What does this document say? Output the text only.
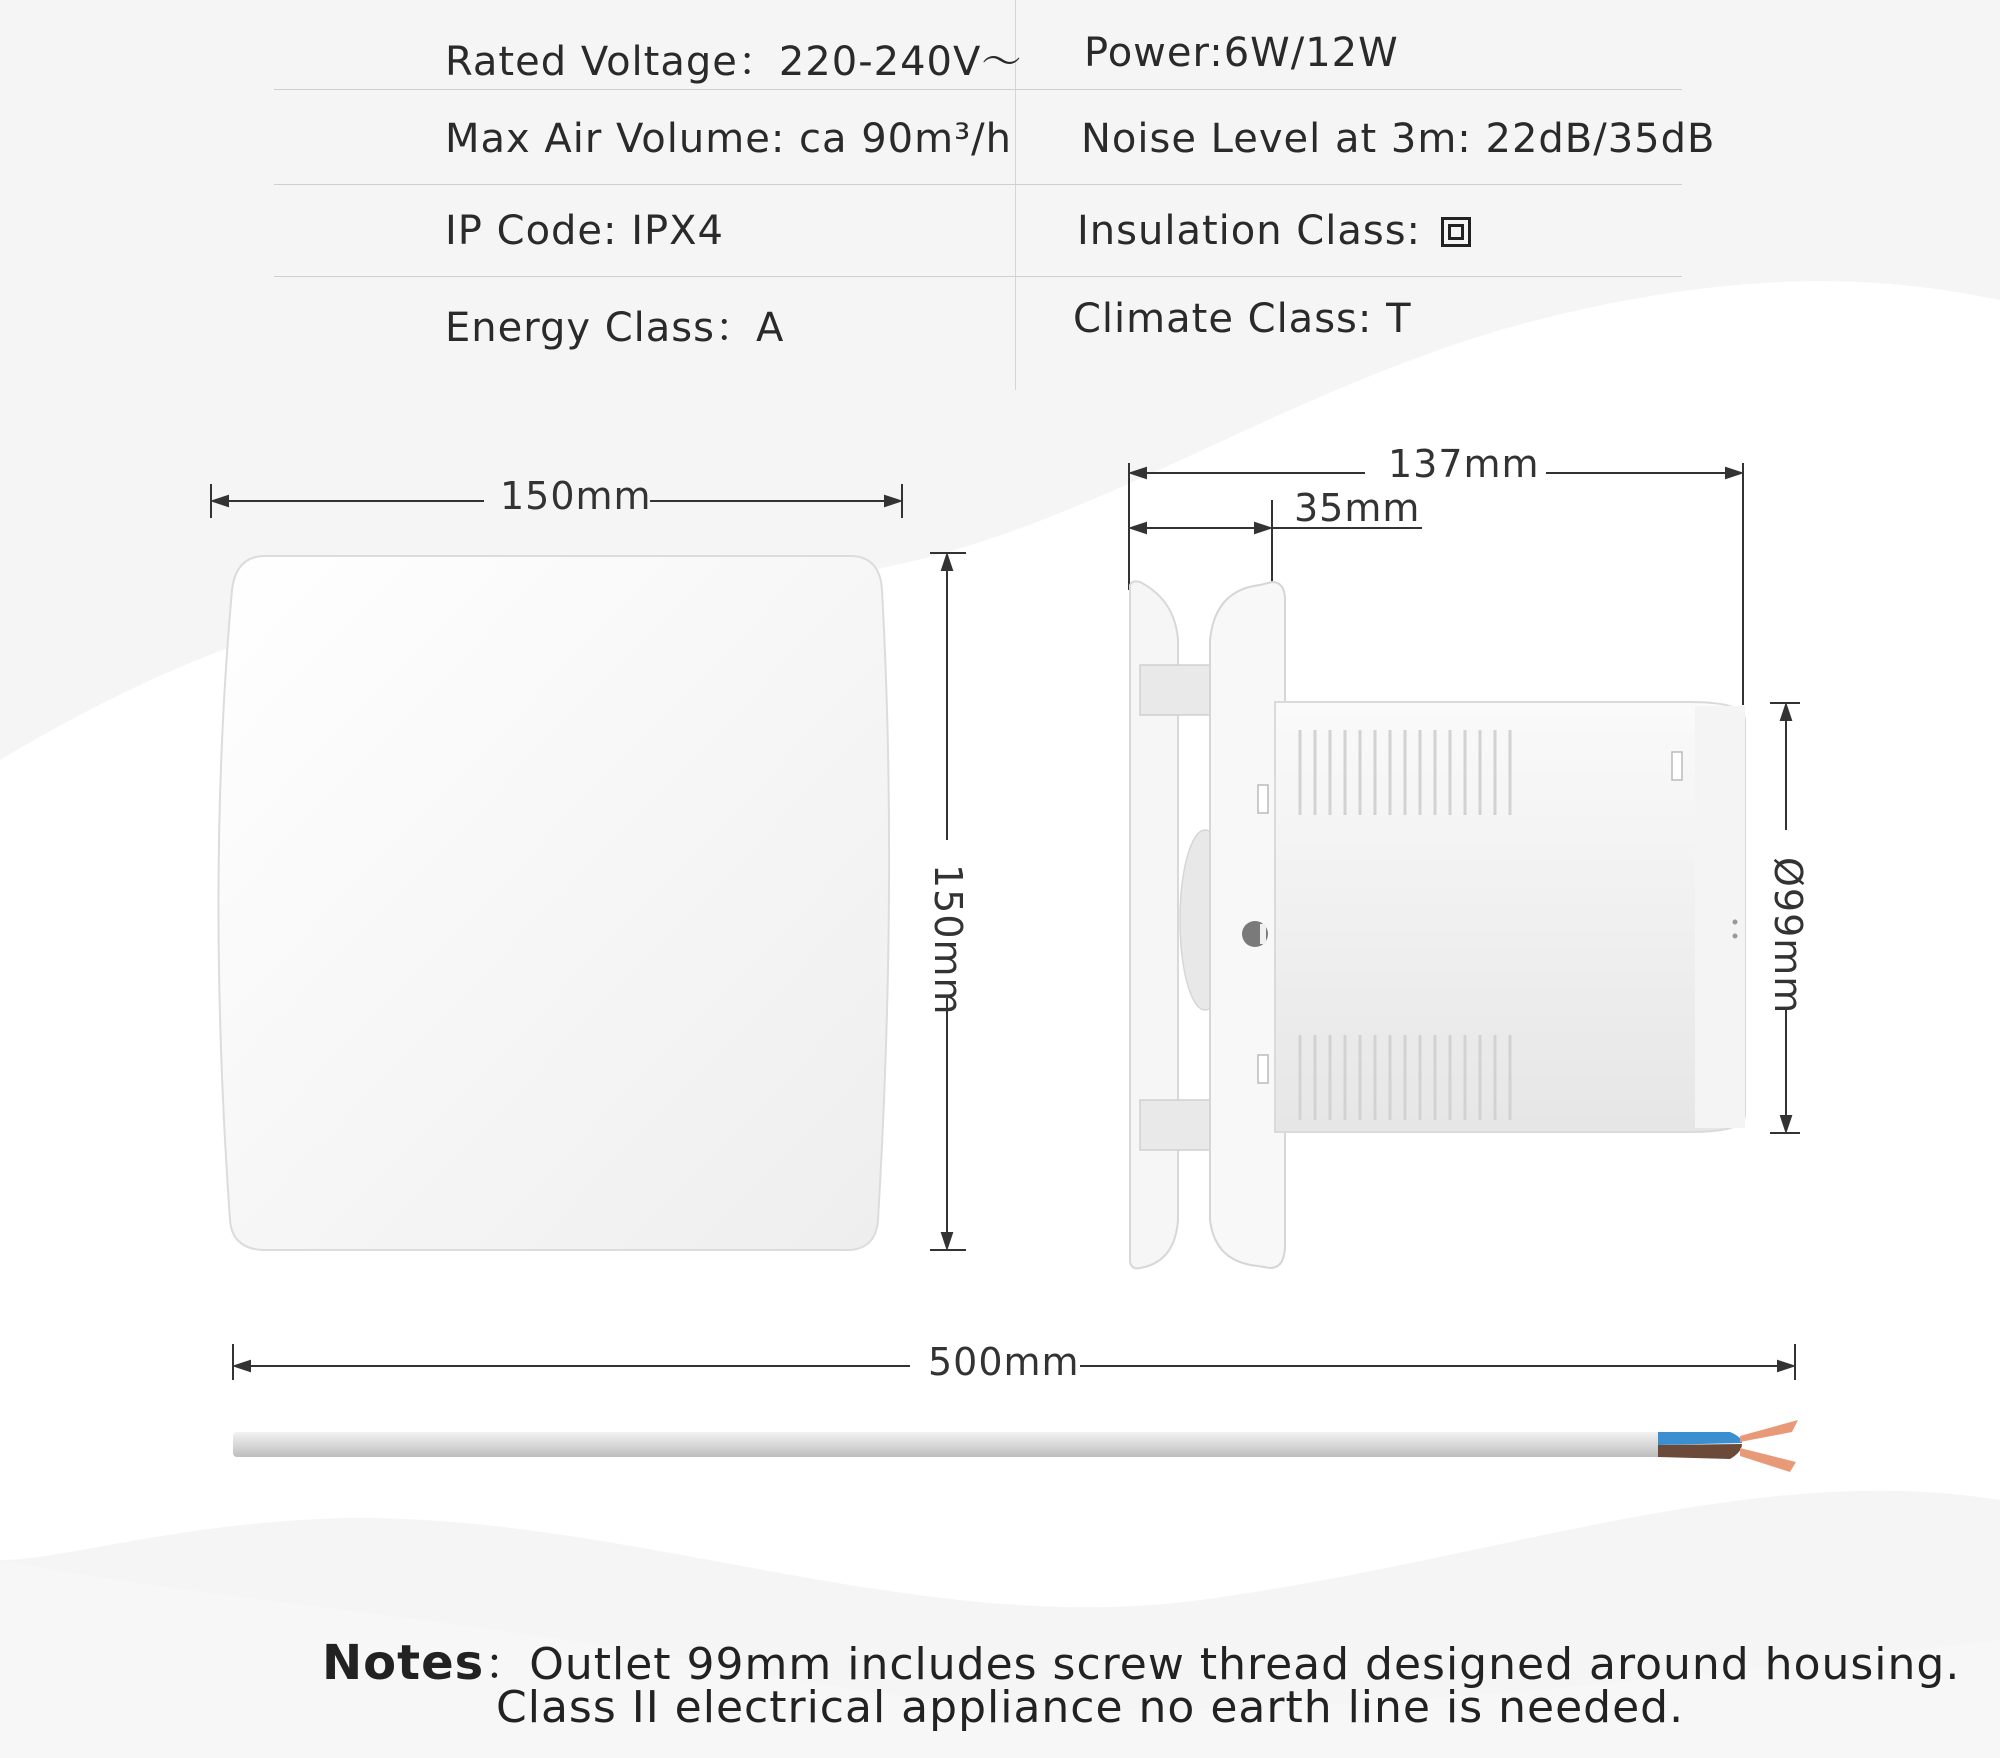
Rated Voltage：220-240V～ Power:6W/12W
Max Air Volume: ca 90m³/h Noise Level at 3m: 22dB/35dB
IP Code: IPX4	Insulation Class:
Energy Class：A	Climate Class: T
150mm
150mm
137mm
35mm
Ø99mm
500mm
Notes：Outlet 99mm includes screw thread designed around housing.
Class II electrical appliance no earth line is needed.
